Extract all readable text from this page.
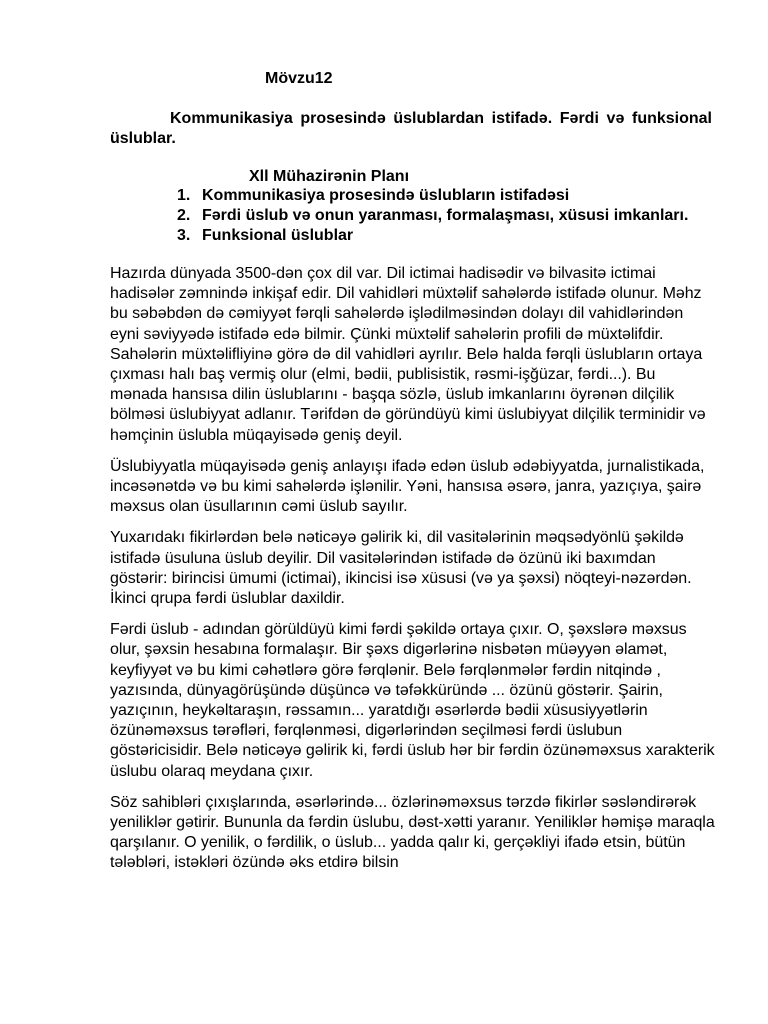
Mövzu12
Kommunikasiya prosesində üslublardan istifadə. Fərdi və funksional üslublar.
Xll Mühazirənin Planı
1. Kommunikasiya prosesində üslubların istifadəsi
2. Fərdi üslub və onun yaranması, formalaşması, xüsusi imkanları.
3. Funksional üslublar

Hazırda dünyada 3500-dən çox dil var. Dil ictimai hadisədir və bilvasitə ictimai hadisələr zəmnində inkişaf edir. Dil vahidləri müxtəlif sahələrdə istifadə olunur. Məhz bu səbəbdən də cəmiyyət fərqli sahələrdə işlədilməsindən dolayı dil vahidlərindən eyni səviyyədə istifadə edə bilmir. Çünki müxtəlif sahələrin profili də müxtəlifdir. Sahələrin müxtəlifliyinə görə də dil vahidləri ayrılır. Belə halda fərqli üslubların ortaya çıxması halı baş vermiş olur (elmi, bədii, publisistik, rəsmi-işğüzar, fərdi...). Bu mənada hansısa dilin üslublarını - başqa sözlə, üslub imkanlarını öyrənən dilçilik bölməsi üslubiyyat adlanır. Tərifdən də göründüyü kimi üslubiyyat dilçilik terminidir və həmçinin üslubla müqayisədə geniş deyil.

Üslubiyyatla müqayisədə geniş anlayışı ifadə edən üslub ədəbiyyatda, jurnalistikada, incəsənətdə və bu kimi sahələrdə işlənilir. Yəni, hansısa əsərə, janra, yazıçıya, şairə məxsus olan üsullarının cəmi üslub sayılır.

Yuxarıdakı fikirlərdən belə nəticəyə gəlirik ki, dil vasitələrinin məqsədyönlü şəkildə istifadə üsuluna üslub deyilir. Dil vasitələrindən istifadə də özünü iki baxımdan göstərir: birincisi ümumi (ictimai), ikincisi isə xüsusi (və ya şəxsi) nöqteyi-nəzərdən. İkinci qrupa fərdi üslublar daxildir.

Fərdi üslub - adından görüldüyü kimi fərdi şəkildə ortaya çıxır. O, şəxslərə məxsus olur, şəxsin hesabına formalaşır. Bir şəxs digərlərinə nisbətən müəyyən əlamət, keyfiyyət və bu kimi cəhətlərə görə fərqlənir. Belə fərqlənmələr fərdin nitqində , yazısında, dünyagörüşündə düşüncə və təfəkküründə ... özünü göstərir. Şairin, yazıçının, heykəltaraşın, rəssamın... yaratdığı əsərlərdə bədii xüsusiyyətlərin özünəməxsus tərəfləri, fərqlənməsi, digərlərindən seçilməsi fərdi üslubun göstəricisidir. Belə nəticəyə gəlirik ki, fərdi üslub hər bir fərdin özünəməxsus xarakterik üslubu olaraq meydana çıxır.

Söz sahibləri çıxışlarında, əsərlərində... özlərinəməxsus tərzdə fikirlər səsləndirərək yeniliklər gətirir. Bununla da fərdin üslubu, dəst-xətti yaranır. Yeniliklər həmişə maraqla qarşılanır. O yenilik, o fərdilik, o üslub... yadda qalır ki, gerçəkliyi ifadə etsin, bütün tələbləri, istəkləri özündə əks etdirə bilsin
